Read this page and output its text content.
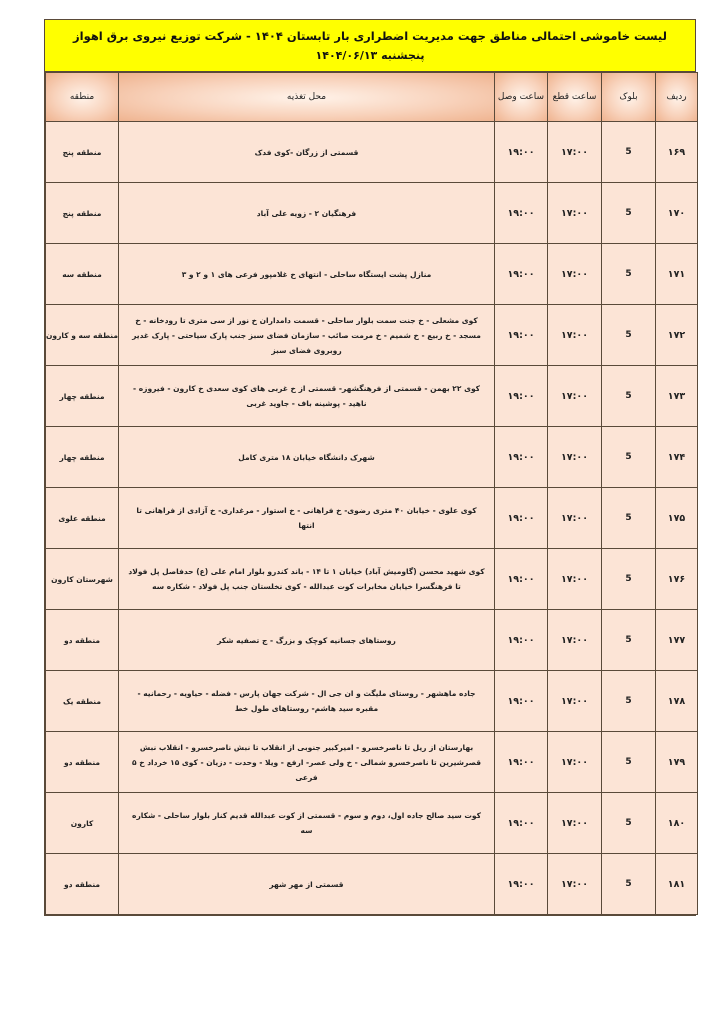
لیست خاموشی احتمالی مناطق جهت مدیریت اضطراری بار تابستان ۱۴۰۴ - شرکت توزیع نیروی برق اهواز
پنجشنبه ۱۴۰۴/۰۶/۱۳
ردیف	بلوک	ساعت قطع	ساعت وصل	محل تغذیه	منطقه
۱۶۹	5	۱۷:۰۰	۱۹:۰۰	قسمتی از زرگان -کوی فدک	منطقه پنج
۱۷۰	5	۱۷:۰۰	۱۹:۰۰	فرهنگیان ۲ - زویه علی آباد	منطقه پنج
۱۷۱	5	۱۷:۰۰	۱۹:۰۰	منازل پشت ایستگاه ساحلی - انتهای خ غلامپور فرعی های ۱ و ۲ و ۳	منطقه سه
۱۷۲	5	۱۷:۰۰	۱۹:۰۰	کوی مشعلی - خ جنت سمت بلوار ساحلی - قسمت دامداران خ نور از سی متری تا رودخانه - خ مسجد - خ ربیع - خ شمیم - خ مرمت صائب - سازمان فضای سبز جنب پارک سیاحتی - پارک غدیر روبروی فضای سبز	منطقه سه و کارون
۱۷۳	5	۱۷:۰۰	۱۹:۰۰	کوی ۲۲ بهمن - قسمتی از فرهنگشهر- قسمتی از خ غربی های کوی سعدی خ کارون - فیروزه - ناهید - پوشینه باف - جاوید غربی	منطقه چهار
۱۷۴	5	۱۷:۰۰	۱۹:۰۰	شهرک دانشگاه خیابان ۱۸ متری کامل	منطقه چهار
۱۷۵	5	۱۷:۰۰	۱۹:۰۰	کوی علوی - خیابان ۴۰ متری رضوی- خ فراهانی - خ استوار - مرغداری- خ آزادی از فراهانی تا انتها	منطقه علوی
۱۷۶	5	۱۷:۰۰	۱۹:۰۰	کوی شهید محسن (گاومیش آباد) خیابان ۱ تا ۱۴ - باند کندرو بلوار امام علی (ع) حدفاصل پل فولاد تا فرهنگسرا خیابان مخابرات کوت عبدالله - کوی نخلستان جنب پل فولاد - شکاره سه	شهرستان کارون
۱۷۷	5	۱۷:۰۰	۱۹:۰۰	روستاهای جسانیه کوچک و بزرگ - ج تصفیه شکر	منطقه دو
۱۷۸	5	۱۷:۰۰	۱۹:۰۰	جاده ماهشهر - روستای ملیگث و ان جی ال - شرکت جهان پارس - فضله - حیاویه - رحمانیه - مقبره سید هاشم- روستاهای طول خط	منطقه یک
۱۷۹	5	۱۷:۰۰	۱۹:۰۰	بهارستان از ریل تا ناصرخسرو - امیرکبیر جنوبی از انقلاب تا نبش ناصرخسرو - انقلاب نبش قصرشیرین تا ناصرخسرو شمالی - خ ولی عصر- ارفع - ویلا - وحدت - دزیان - کوی ۱۵ خرداد خ ۵ فرعی	منطقه دو
۱۸۰	5	۱۷:۰۰	۱۹:۰۰	کوت سید صالح جاده اول، دوم و سوم - قسمتی از کوت عبدالله قدیم کنار بلوار ساحلی - شکاره سه	کارون
۱۸۱	5	۱۷:۰۰	۱۹:۰۰	قسمتی از مهر شهر	منطقه دو
